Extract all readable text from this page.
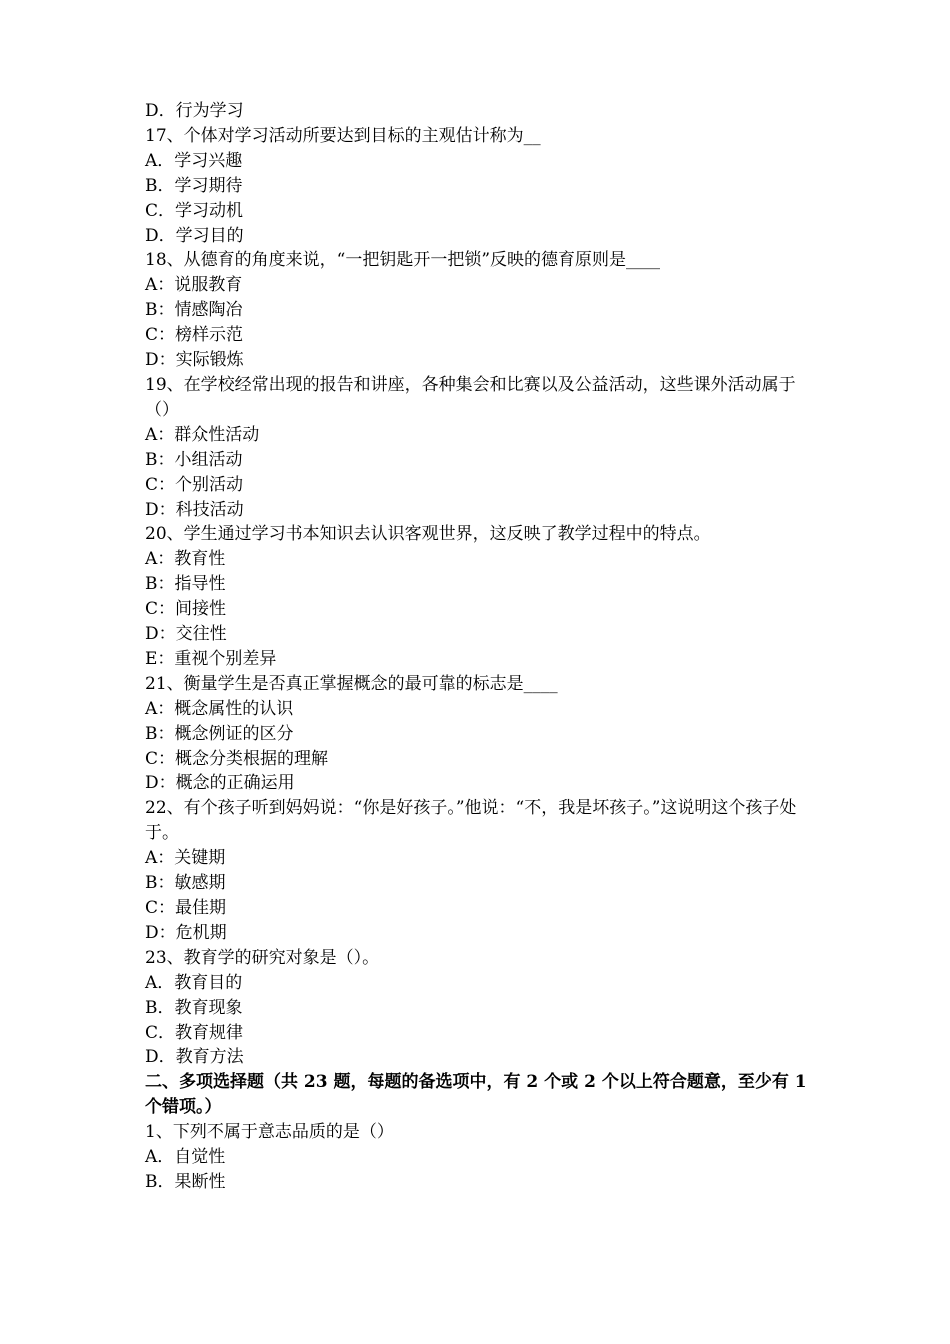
D．行为学习
17、个体对学习活动所要达到目标的主观估计称为__
A．学习兴趣
B．学习期待
C．学习动机
D．学习目的
18、从德育的角度来说，“一把钥匙开一把锁”反映的德育原则是____
A：说服教育
B：情感陶冶
C：榜样示范
D：实际锻炼
19、在学校经常出现的报告和讲座，各种集会和比赛以及公益活动，这些课外活动属于（）
A：群众性活动
B：小组活动
C：个别活动
D：科技活动
20、学生通过学习书本知识去认识客观世界，这反映了教学过程中的特点。
A：教育性
B：指导性
C：间接性
D：交往性
E：重视个别差异
21、衡量学生是否真正掌握概念的最可靠的标志是____
A：概念属性的认识
B：概念例证的区分
C：概念分类根据的理解
D：概念的正确运用
22、有个孩子听到妈妈说：“你是好孩子。”他说：“不，我是坏孩子。”这说明这个孩子处于。
A：关键期
B：敏感期
C：最佳期
D：危机期
23、教育学的研究对象是（）。
A．教育目的
B．教育现象
C．教育规律
D．教育方法
二、多项选择题（共 23 题，每题的备选项中，有 2 个或 2 个以上符合题意，至少有 1 个错项。）
1、下列不属于意志品质的是（）
A．自觉性
B．果断性
